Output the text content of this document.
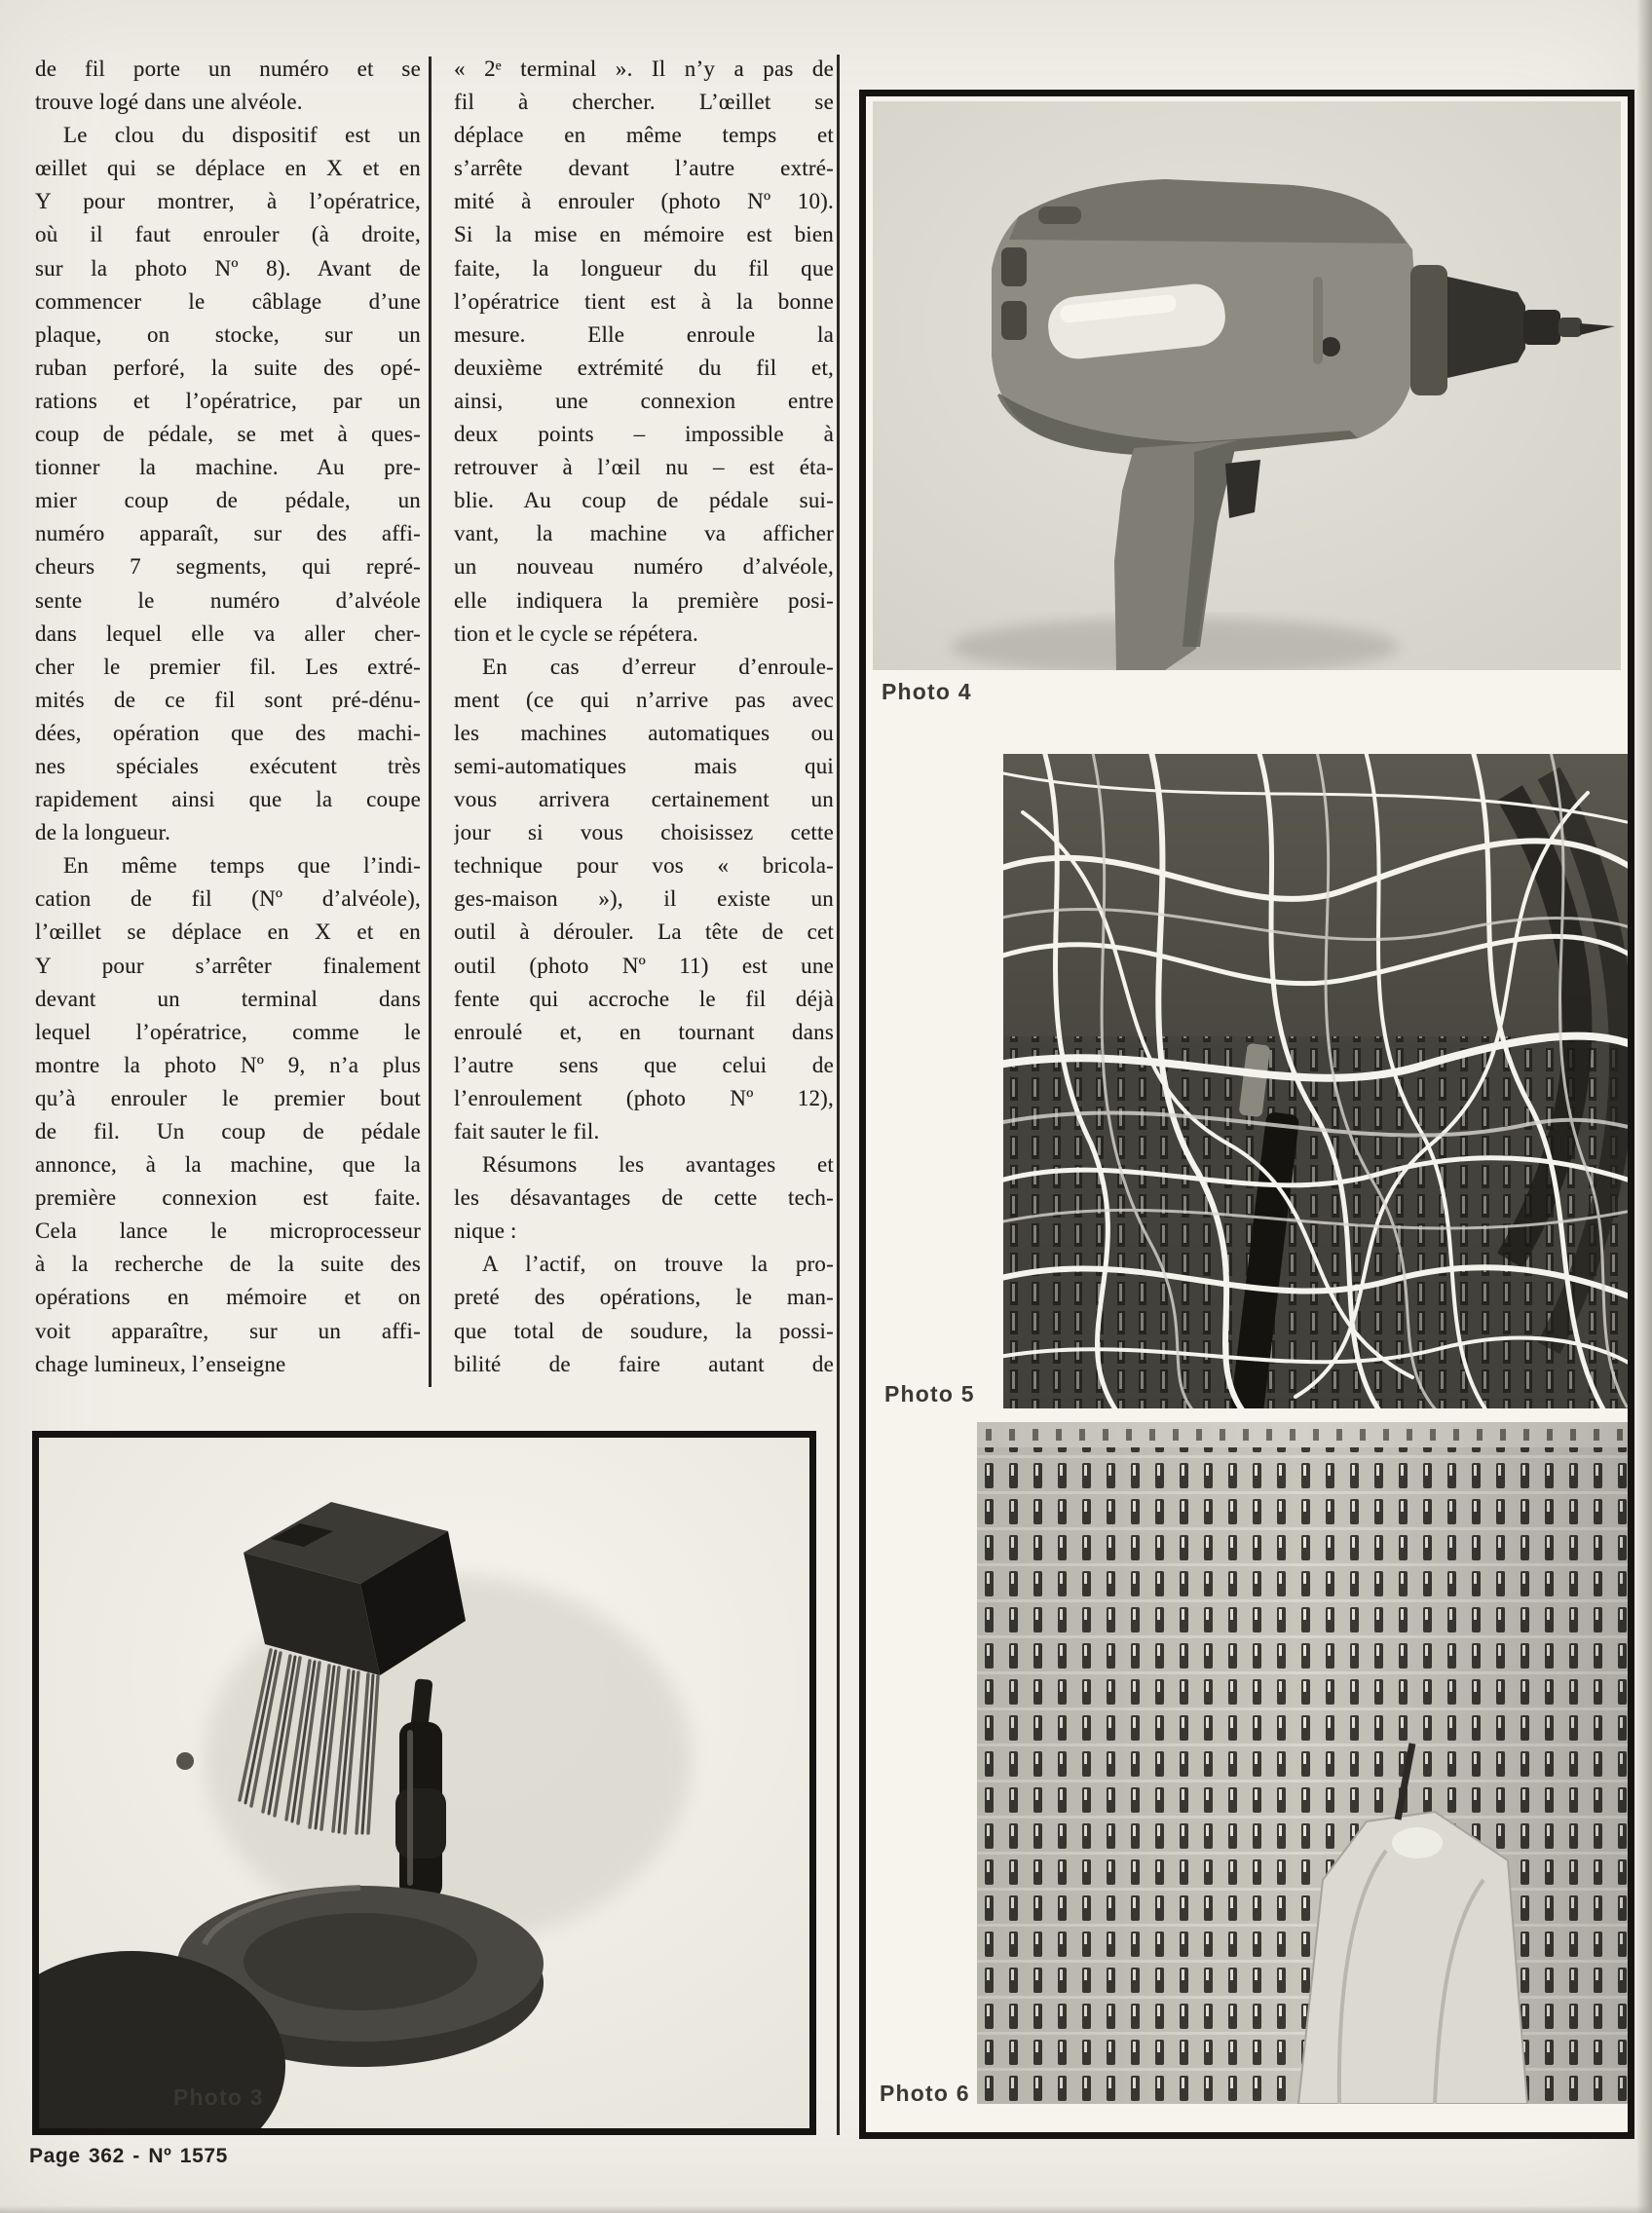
de fil porte un numéro et se
trouve logé dans une alvéole.
Le clou du dispositif est un
œillet qui se déplace en X et en
Y pour montrer, à l’opératrice,
où il faut enrouler (à droite,
sur la photo Nº 8). Avant de
commencer le câblage d’une
plaque, on stocke, sur un
ruban perforé, la suite des opé-
rations et l’opératrice, par un
coup de pédale, se met à ques-
tionner la machine. Au pre-
mier coup de pédale, un
numéro apparaît, sur des affi-
cheurs 7 segments, qui repré-
sente le numéro d’alvéole
dans lequel elle va aller cher-
cher le premier fil. Les extré-
mités de ce fil sont pré-dénu-
dées, opération que des machi-
nes spéciales exécutent très
rapidement ainsi que la coupe
de la longueur.
En même temps que l’indi-
cation de fil (Nº d’alvéole),
l’œillet se déplace en X et en
Y pour s’arrêter finalement
devant un terminal dans
lequel l’opératrice, comme le
montre la photo Nº 9, n’a plus
qu’à enrouler le premier bout
de fil. Un coup de pédale
annonce, à la machine, que la
première connexion est faite.
Cela lance le microprocesseur
à la recherche de la suite des
opérations en mémoire et on
voit apparaître, sur un affi-
chage lumineux, l’enseigne
« 2ᵉ terminal ». Il n’y a pas de
fil à chercher. L’œillet se
déplace en même temps et
s’arrête devant l’autre extré-
mité à enrouler (photo Nº 10).
Si la mise en mémoire est bien
faite, la longueur du fil que
l’opératrice tient est à la bonne
mesure. Elle enroule la
deuxième extrémité du fil et,
ainsi, une connexion entre
deux points – impossible à
retrouver à l’œil nu – est éta-
blie. Au coup de pédale sui-
vant, la machine va afficher
un nouveau numéro d’alvéole,
elle indiquera la première posi-
tion et le cycle se répétera.
En cas d’erreur d’enroule-
ment (ce qui n’arrive pas avec
les machines automatiques ou
semi-automatiques mais qui
vous arrivera certainement un
jour si vous choisissez cette
technique pour vos « bricola-
ges-maison »), il existe un
outil à dérouler. La tête de cet
outil (photo Nº 11) est une
fente qui accroche le fil déjà
enroulé et, en tournant dans
l’autre sens que celui de
l’enroulement (photo Nº 12),
fait sauter le fil.
Résumons les avantages et
les désavantages de cette tech-
nique :
A l’actif, on trouve la pro-
preté des opérations, le man-
que total de soudure, la possi-
bilité de faire autant de
Photo 4
Photo 5
Photo 6
Photo 3
Page 362 - Nº 1575
